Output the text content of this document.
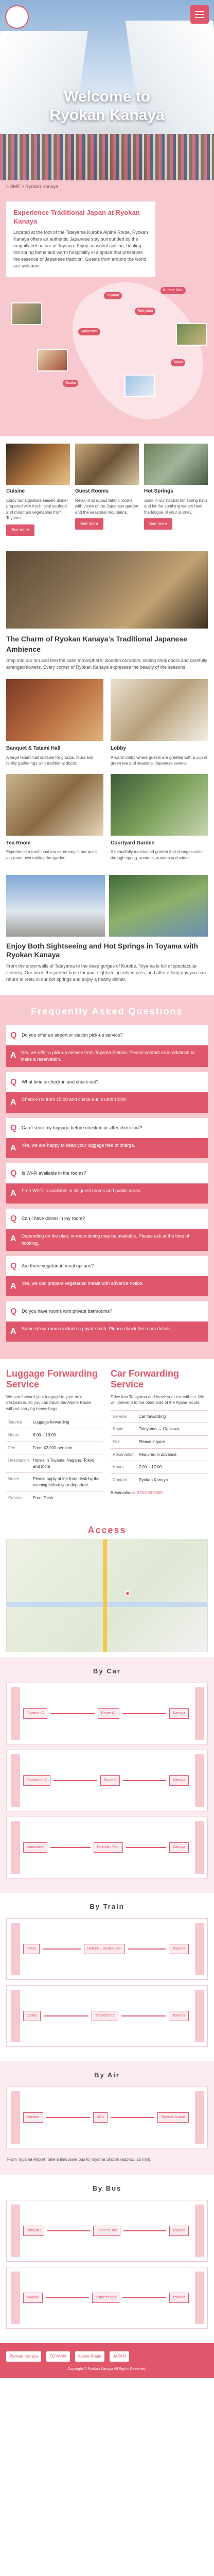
Welcome to
Ryokan Kanaya
HOME > Ryokan Kanaya
Experience Traditional Japan at Ryokan Kanaya

Located at the foot of the Tateyama Kurobe Alpine Route, Ryokan Kanaya offers an authentic Japanese stay surrounded by the magnificent nature of Toyama. Enjoy seasonal cuisine, healing hot spring baths and warm hospitality in a space that preserves the essence of Japanese tradition. Guests from around the world are welcome.

Toyama
Tateyama
Kurobe Dam
Kanazawa
Tokyo
Osaka
Cuisine

Enjoy our signature kaiseki dinner prepared with fresh local seafood and mountain vegetables from Toyama.

See more
Guest Rooms

Relax in spacious tatami rooms with views of the Japanese garden and the seasonal mountains.

See more
Hot Springs

Soak in our natural hot spring bath and let the soothing waters heal the fatigue of your journey.

See more
The Charm of Ryokan Kanaya's Traditional Japanese Ambience

Step into our inn and feel the calm atmosphere: wooden corridors, sliding shoji doors and carefully arranged flowers. Every corner of Ryokan Kanaya expresses the beauty of the seasons.

Banquet & Tatami Hall

A large tatami hall suitable for groups, tours and family gatherings with traditional decor.

Lobby

A warm lobby where guests are greeted with a cup of green tea and seasonal Japanese sweets.

Tea Room

Experience a traditional tea ceremony in our quiet tea room overlooking the garden.

Courtyard Garden

A beautifully maintained garden that changes color through spring, summer, autumn and winter.

Enjoy Both Sightseeing and Hot Springs in Toyama with Ryokan Kanaya

From the snow walls of Tateyama to the deep gorges of Kurobe, Toyama is full of spectacular scenery. Our inn is the perfect base for your sightseeing adventures, and after a long day you can return to relax in our hot springs and enjoy a hearty dinner.

Frequently Asked Questions

Q Do you offer an airport or station pick-up service?
A Yes, we offer a pick-up service from Toyama Station. Please contact us in advance to make a reservation.
Q What time is check-in and check-out?
A Check-in is from 15:00 and check-out is until 10:00.
Q Can I store my luggage before check-in or after check-out?
A Yes, we are happy to keep your luggage free of charge.
Q Is Wi-Fi available in the rooms?
A Free Wi-Fi is available in all guest rooms and public areas.
Q Can I have dinner in my room?
A Depending on the plan, in-room dining may be available. Please ask at the time of booking.
Q Are there vegetarian meal options?
A Yes, we can prepare vegetarian meals with advance notice.
Q Do you have rooms with private bathrooms?
A Some of our rooms include a private bath. Please check the room details.
Luggage Forwarding Service

We can forward your luggage to your next destination, so you can travel the Alpine Route without carrying heavy bags.

Service	Luggage forwarding
Hours	8:00 – 19:00
Fee	From ¥2,000 per item
Destination	Hotels in Toyama, Nagano, Tokyo and more
Notes	Please apply at the front desk by the evening before your departure.
Contact	Front Desk
Car Forwarding Service

Drive into Tateyama and leave your car with us. We will deliver it to the other side of the Alpine Route.

Service	Car forwarding
Route	Tateyama → Ogizawa
Fee	Please inquire
Reservation	Required in advance
Hours	7:00 – 17:00
Contact	Ryokan Kanaya
Reservations: 076-000-0000
Access
By Car
Toyama IC	Route 41	Kanaya
Tateyama IC	Route 6	Kanaya
Kanazawa	Hokuriku Exp.	Kanaya
By Train
Tokyo	Hokuriku Shinkansen	Toyama
Osaka	Thunderbird	Toyama
By Air
Haneda	ANA	Toyama Airport

From Toyama Airport, take a limousine bus to Toyama Station (approx. 25 min).

By Bus
Shinjuku	Express Bus	Toyama
Nagoya	Express Bus	Toyama
Ryokan Kanaya	TOYAMA	Alpine Route	JAPAN
Copyright © Ryokan Kanaya All Rights Reserved.
